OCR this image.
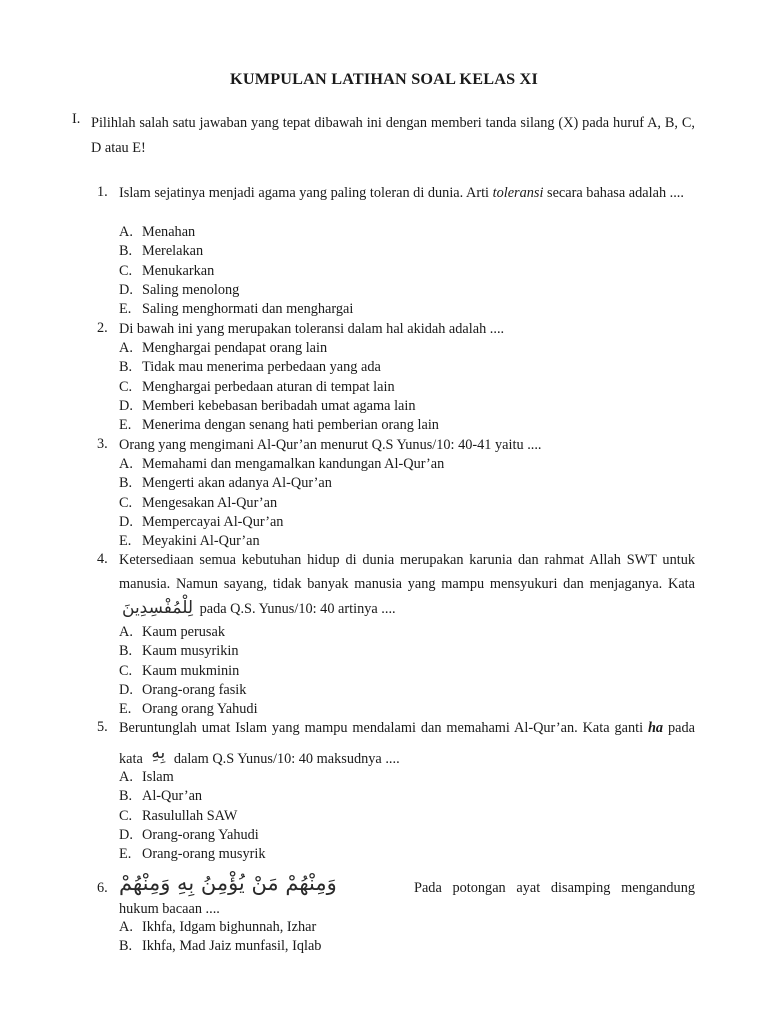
KUMPULAN LATIHAN SOAL KELAS XI
I. Pilihlah salah satu jawaban yang tepat dibawah ini dengan memberi tanda silang (X) pada huruf A, B, C, D atau E!
1. Islam sejatinya menjadi agama yang paling toleran di dunia. Arti toleransi secara bahasa adalah ....
A. Menahan
B. Merelakan
C. Menukarkan
D. Saling menolong
E. Saling menghormati dan menghargai
2. Di bawah ini yang merupakan toleransi dalam hal akidah adalah ....
A. Menghargai pendapat orang lain
B. Tidak mau menerima perbedaan yang ada
C. Menghargai perbedaan aturan di tempat lain
D. Memberi kebebasan beribadah umat agama lain
E. Menerima dengan senang hati pemberian orang lain
3. Orang yang mengimani Al-Qur’an menurut Q.S Yunus/10: 40-41 yaitu ....
A. Memahami dan mengamalkan kandungan Al-Qur’an
B. Mengerti akan adanya Al-Qur’an
C. Mengesakan Al-Qur’an
D. Mempercayai Al-Qur’an
E. Meyakini Al-Qur’an
4. Ketersediaan semua kebutuhan hidup di dunia merupakan karunia dan rahmat Allah SWT untuk manusia. Namun sayang, tidak banyak manusia yang mampu mensyukuri dan menjaganya. Kata لِلْمُفْسِدِينَ pada Q.S. Yunus/10: 40 artinya ....
A. Kaum perusak
B. Kaum musyrikin
C. Kaum mukminin
D. Orang-orang fasik
E. Orang orang Yahudi
5. Beruntunglah umat Islam yang mampu mendalami dan memahami Al-Qur’an. Kata ganti ha pada kata بِهِ dalam Q.S Yunus/10: 40 maksudnya ....
A. Islam
B. Al-Qur’an
C. Rasulullah SAW
D. Orang-orang Yahudi
E. Orang-orang musyrik
6. وَمِنْهُمْ مَنْ يُؤْمِنُ بِهِ وَمِنْهُمْ	Pada potongan ayat disamping mengandung
hukum bacaan ....
A. Ikhfa, Idgam bighunnah, Izhar
B. Ikhfa, Mad Jaiz munfasil, Iqlab
